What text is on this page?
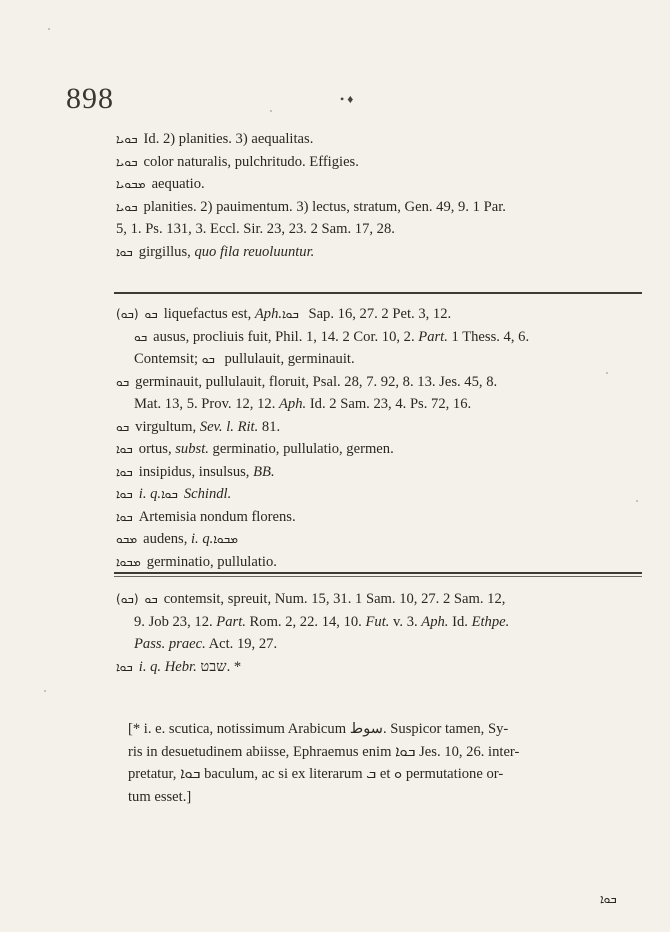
898	• ♦
ܒܘܝܐ Id. 2) planities. 3) aequalitas.
ܒܘܝܐ color naturalis, pulchritudo. Effigies.
ܡܒܘܝܐ aequatio.
ܒܘܝܐ planities. 2) pauimentum. 3) lectus, stratum, Gen. 49, 9. 1 Par.
5, 1. Ps. 131, 3. Eccl. Sir. 23, 23. 2 Sam. 17, 28.
ܒܘܐ girgillus, quo fila reuoluuntur.
( ܒܘ ) ܒܘ liquefactus est, Aph.ܒܘܐ Sap. 16, 27. 2 Pet. 3, 12.
ܒܘ ausus, procliuis fuit, Phil. 1, 14. 2 Cor. 10, 2. Part. 1 Thess. 4, 6.
Contemsit; ܒܘ pullulauit, germinauit.
ܒܘ germinauit, pullulauit, floruit, Psal. 28, 7. 92, 8. 13. Jes. 45, 8.
Mat. 13, 5. Prov. 12, 12. Aph. Id. 2 Sam. 23, 4. Ps. 72, 16.
ܒܘ virgultum, Sev. l. Rit. 81.
ܒܘܐ ortus, subst. germinatio, pullulatio, germen.
ܒܘܐ insipidus, insulsus, BB.
ܒܘܐ i. q.ܒܘܐ Schindl.
ܒܘܐ Artemisia nondum florens.
ܡܒܘ audens, i. q.ܡܒܘܐ
ܡܒܘܐ germinatio, pullulatio.
( ܒܘ ) ܒܘ contemsit, spreuit, Num. 15, 31. 1 Sam. 10, 27. 2 Sam. 12,
9. Job 23, 12. Part. Rom. 2, 22. 14, 10. Fut. v. 3. Aph. Id. Ethpe.
Pass. praec. Act. 19, 27.
ܒܘܐ i. q. Hebr. שבט. *
[* i. e. scutica, notissimum Arabicum سوط. Suspicor tamen, Sy-
ris in desuetudinem abiisse, Ephraemus enim ܒܘܐ Jes. 10, 26. inter-
pretatur, ܒܘܐ baculum, ac si ex literarum ܒ et ܘ permutatione or-
tum esset.]
ܒܘܐ
